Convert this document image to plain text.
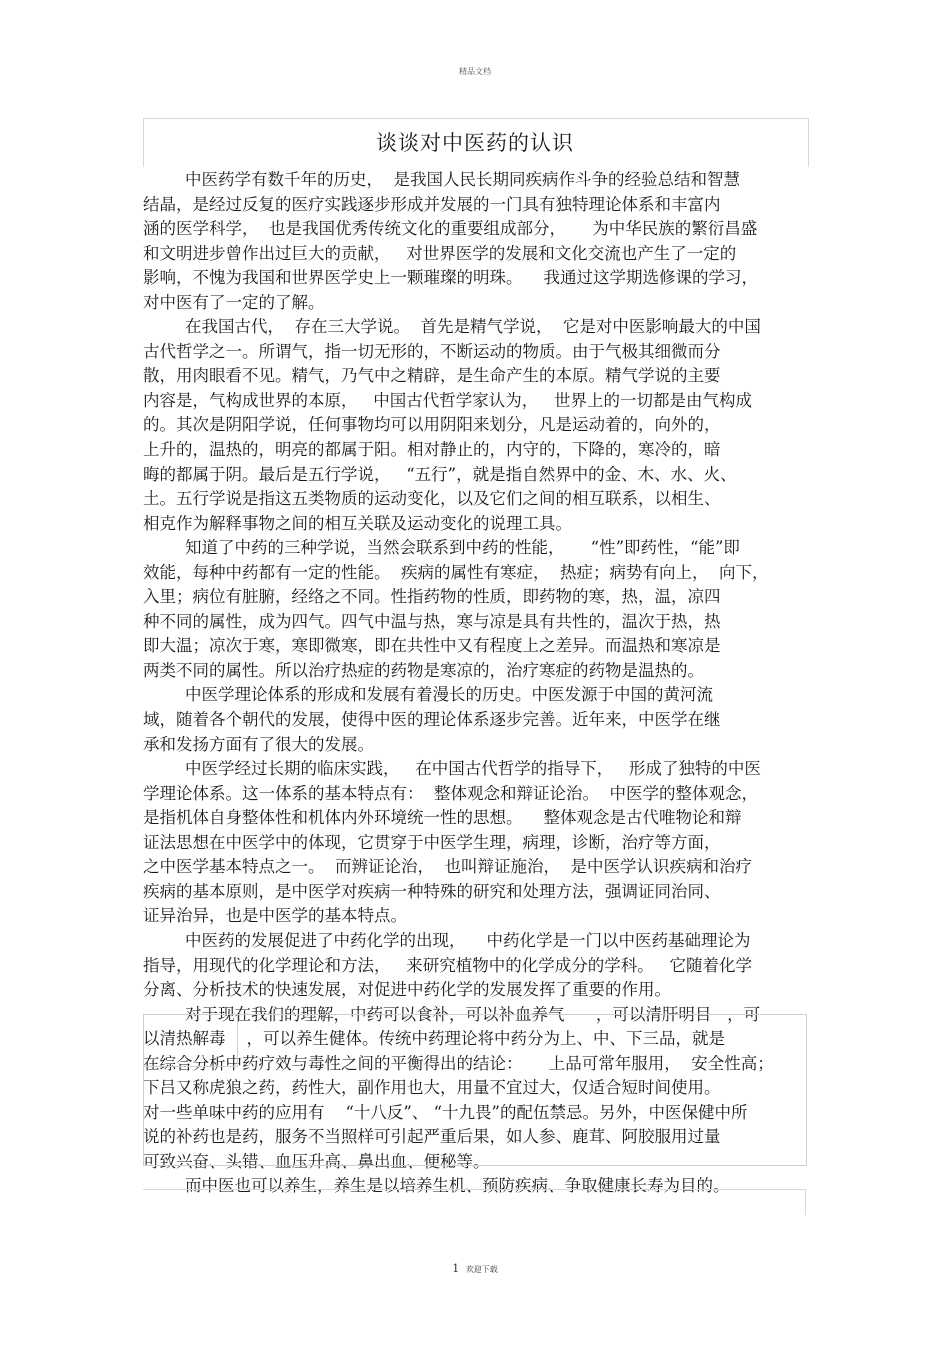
精品文档
谈谈对中医药的认识
中医药学有数千年的历史，  是我国人民长期同疾病作斗争的经验总结和智慧
结晶，是经过反复的医疗实践逐步形成并发展的一门具有独特理论体系和丰富内
涵的医学科学，  也是我国优秀传统文化的重要组成部分，     为中华民族的繁衍昌盛
和文明进步曾作出过巨大的贡献，   对世界医学的发展和文化交流也产生了一定的
影响，不愧为我国和世界医学史上一颗璀璨的明珠。    我通过这学期选修课的学习，
对中医有了一定的了解。
在我国古代，  存在三大学说。  首先是精气学说，  它是对中医影响最大的中国
古代哲学之一。所谓气，指一切无形的，不断运动的物质。由于气极其细微而分
散，用肉眼看不见。精气，乃气中之精辟，是生命产生的本原。精气学说的主要
内容是，气构成世界的本原，   中国古代哲学家认为，   世界上的一切都是由气构成
的。其次是阴阳学说，任何事物均可以用阴阳来划分，凡是运动着的，向外的，
上升的，温热的，明亮的都属于阳。相对静止的，内守的，下降的，寒冷的，暗
晦的都属于阴。最后是五行学说，   “五行”，就是指自然界中的金、木、水、火、
土。五行学说是指这五类物质的运动变化，以及它们之间的相互联系，以相生、
相克作为解释事物之间的相互关联及运动变化的说理工具。
知道了中药的三种学说，当然会联系到中药的性能，     “性”即药性，“能”即
效能，每种中药都有一定的性能。  疾病的属性有寒症，  热症；病势有向上，  向下，
入里；病位有脏腑，经络之不同。性指药物的性质，即药物的寒，热，温，凉四
种不同的属性，成为四气。四气中温与热，寒与凉是具有共性的，温次于热，热
即大温；凉次于寒，寒即微寒，即在共性中又有程度上之差异。而温热和寒凉是
两类不同的属性。所以治疗热症的药物是寒凉的，治疗寒症的药物是温热的。
中医学理论体系的形成和发展有着漫长的历史。中医发源于中国的黄河流
域，随着各个朝代的发展，使得中医的理论体系逐步完善。近年来，中医学在继
承和发扬方面有了很大的发展。
中医学经过长期的临床实践，   在中国古代哲学的指导下，   形成了独特的中医
学理论体系。这一体系的基本特点有：  整体观念和辩证论治。  中医学的整体观念，
是指机体自身整体性和机体内外环境统一性的思想。    整体观念是古代唯物论和辩
证法思想在中医学中的体现，它贯穿于中医学生理，病理，诊断，治疗等方面，
之中医学基本特点之一。  而辨证论治，  也叫辩证施治，  是中医学认识疾病和治疗
疾病的基本原则，是中医学对疾病一种特殊的研究和处理方法，强调证同治同、
证异治异，也是中医学的基本特点。
中医药的发展促进了中药化学的出现，    中药化学是一门以中医药基础理论为
指导，用现代的化学理论和方法，   来研究植物中的化学成分的学科。   它随着化学
分离、分析技术的快速发展，对促进中药化学的发展发挥了重要的作用。
对于现在我们的理解，中药可以食补，可以补血养气      ，可以清肝明目   ，可
以清热解毒    ，可以养生健体。传统中药理论将中药分为上、中、下三品，就是
在综合分析中药疗效与毒性之间的平衡得出的结论：     上品可常年服用，  安全性高；
下吕又称虎狼之药，药性大，副作用也大，用量不宜过大，仅适合短时间使用。
对一些单味中药的应用有    “十八反”、 “十九畏”的配伍禁忌。另外，中医保健中所
说的补药也是药，服务不当照样可引起严重后果，如人参、鹿茸、阿胶服用过量
可致兴奋、头错、血压升高、鼻出血、便秘等。
而中医也可以养生，养生是以培养生机、预防疾病、争取健康长寿为目的。
1 欢迎下载
